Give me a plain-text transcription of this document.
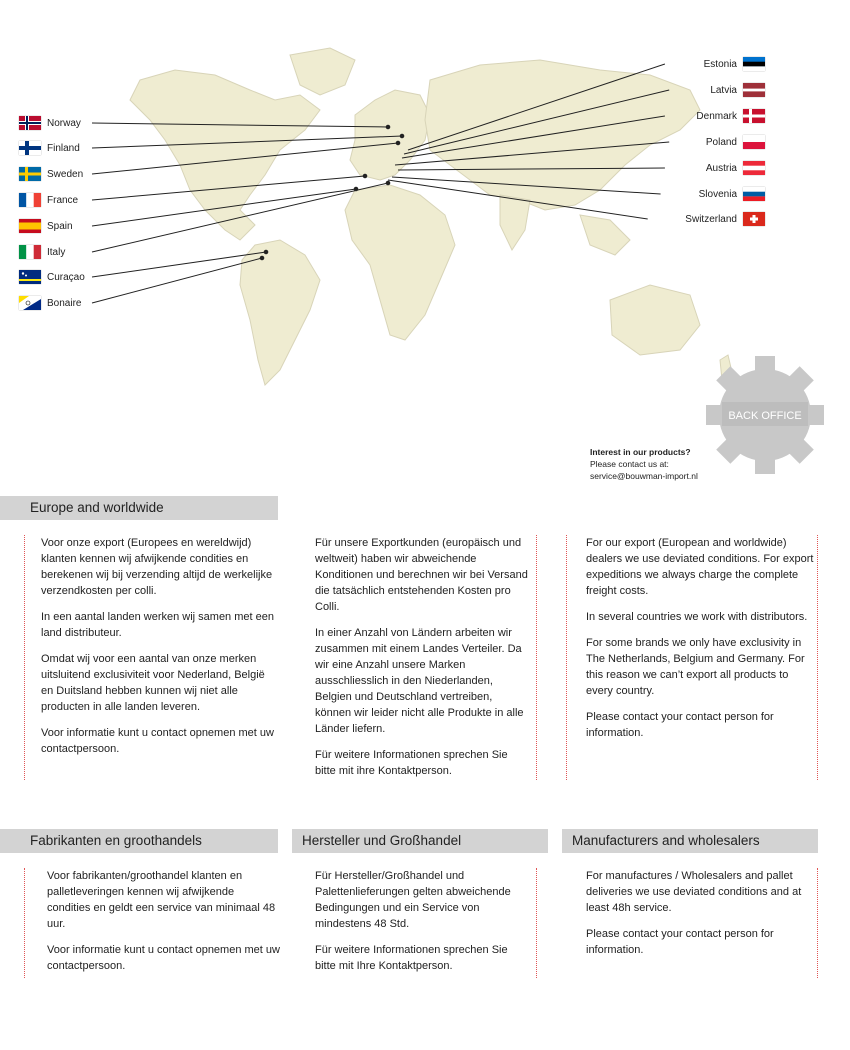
Norway
Finland
Sweden
France
Spain
Italy
Curaçao
Bonaire
Estonia
Latvia
Denmark
Poland
Austria
Slovenia
Switzerland
BACK OFFICE
Interest in our products?
Please contact us at:
service@bouwman-import.nl
Europe and worldwide

Voor onze export (Europees en wereldwijd) klanten kennen wij afwijkende condities en berekenen wij bij verzending altijd de werkelijke verzendkosten per colli.

In een aantal landen werken wij samen met een land distributeur.

Omdat wij voor een aantal van onze merken uitsluitend exclusiviteit voor Nederland, België en Duitsland hebben kunnen wij niet alle producten in alle landen leveren.

Voor informatie kunt u contact opnemen met uw contactpersoon.

Für unsere Exportkunden (europäisch und weltweit) haben wir abweichende Konditionen und berechnen wir bei Versand die tatsächlich entstehenden Kosten pro Colli.

In einer Anzahl von Ländern arbeiten wir zusammen mit einem Landes Verteiler. Da wir eine Anzahl unsere Marken ausschliesslich in den Niederlanden, Belgien und Deutschland vertreiben, können wir leider nicht alle Produkte in alle Länder liefern.

Für weitere Informationen sprechen Sie bitte mit ihre Kontaktperson.

For our export (European and worldwide) dealers we use deviated conditions. For export expeditions we always charge the complete freight costs.

In several countries we work with distributors.

For some brands we only have exclusivity in The Netherlands, Belgium and Germany. For this reason we can’t export all products to every country.

Please contact your contact person for information.

Fabrikanten en groothandels	Hersteller und Großhandel	Manufacturers and wholesalers

Voor fabrikanten/groothandel klanten en palletleveringen kennen wij afwijkende condities en geldt een service van minimaal 48 uur.

Voor informatie kunt u contact opnemen met uw contactpersoon.

Für Hersteller/Großhandel und Palettenlieferungen gelten abweichende Bedingungen und ein Service von mindestens 48 Std.

Für weitere Informationen sprechen Sie bitte mit Ihre Kontaktperson.

For manufactures / Wholesalers and pallet deliveries we use deviated conditions and at least 48h service.

Please contact your contact person for information.
